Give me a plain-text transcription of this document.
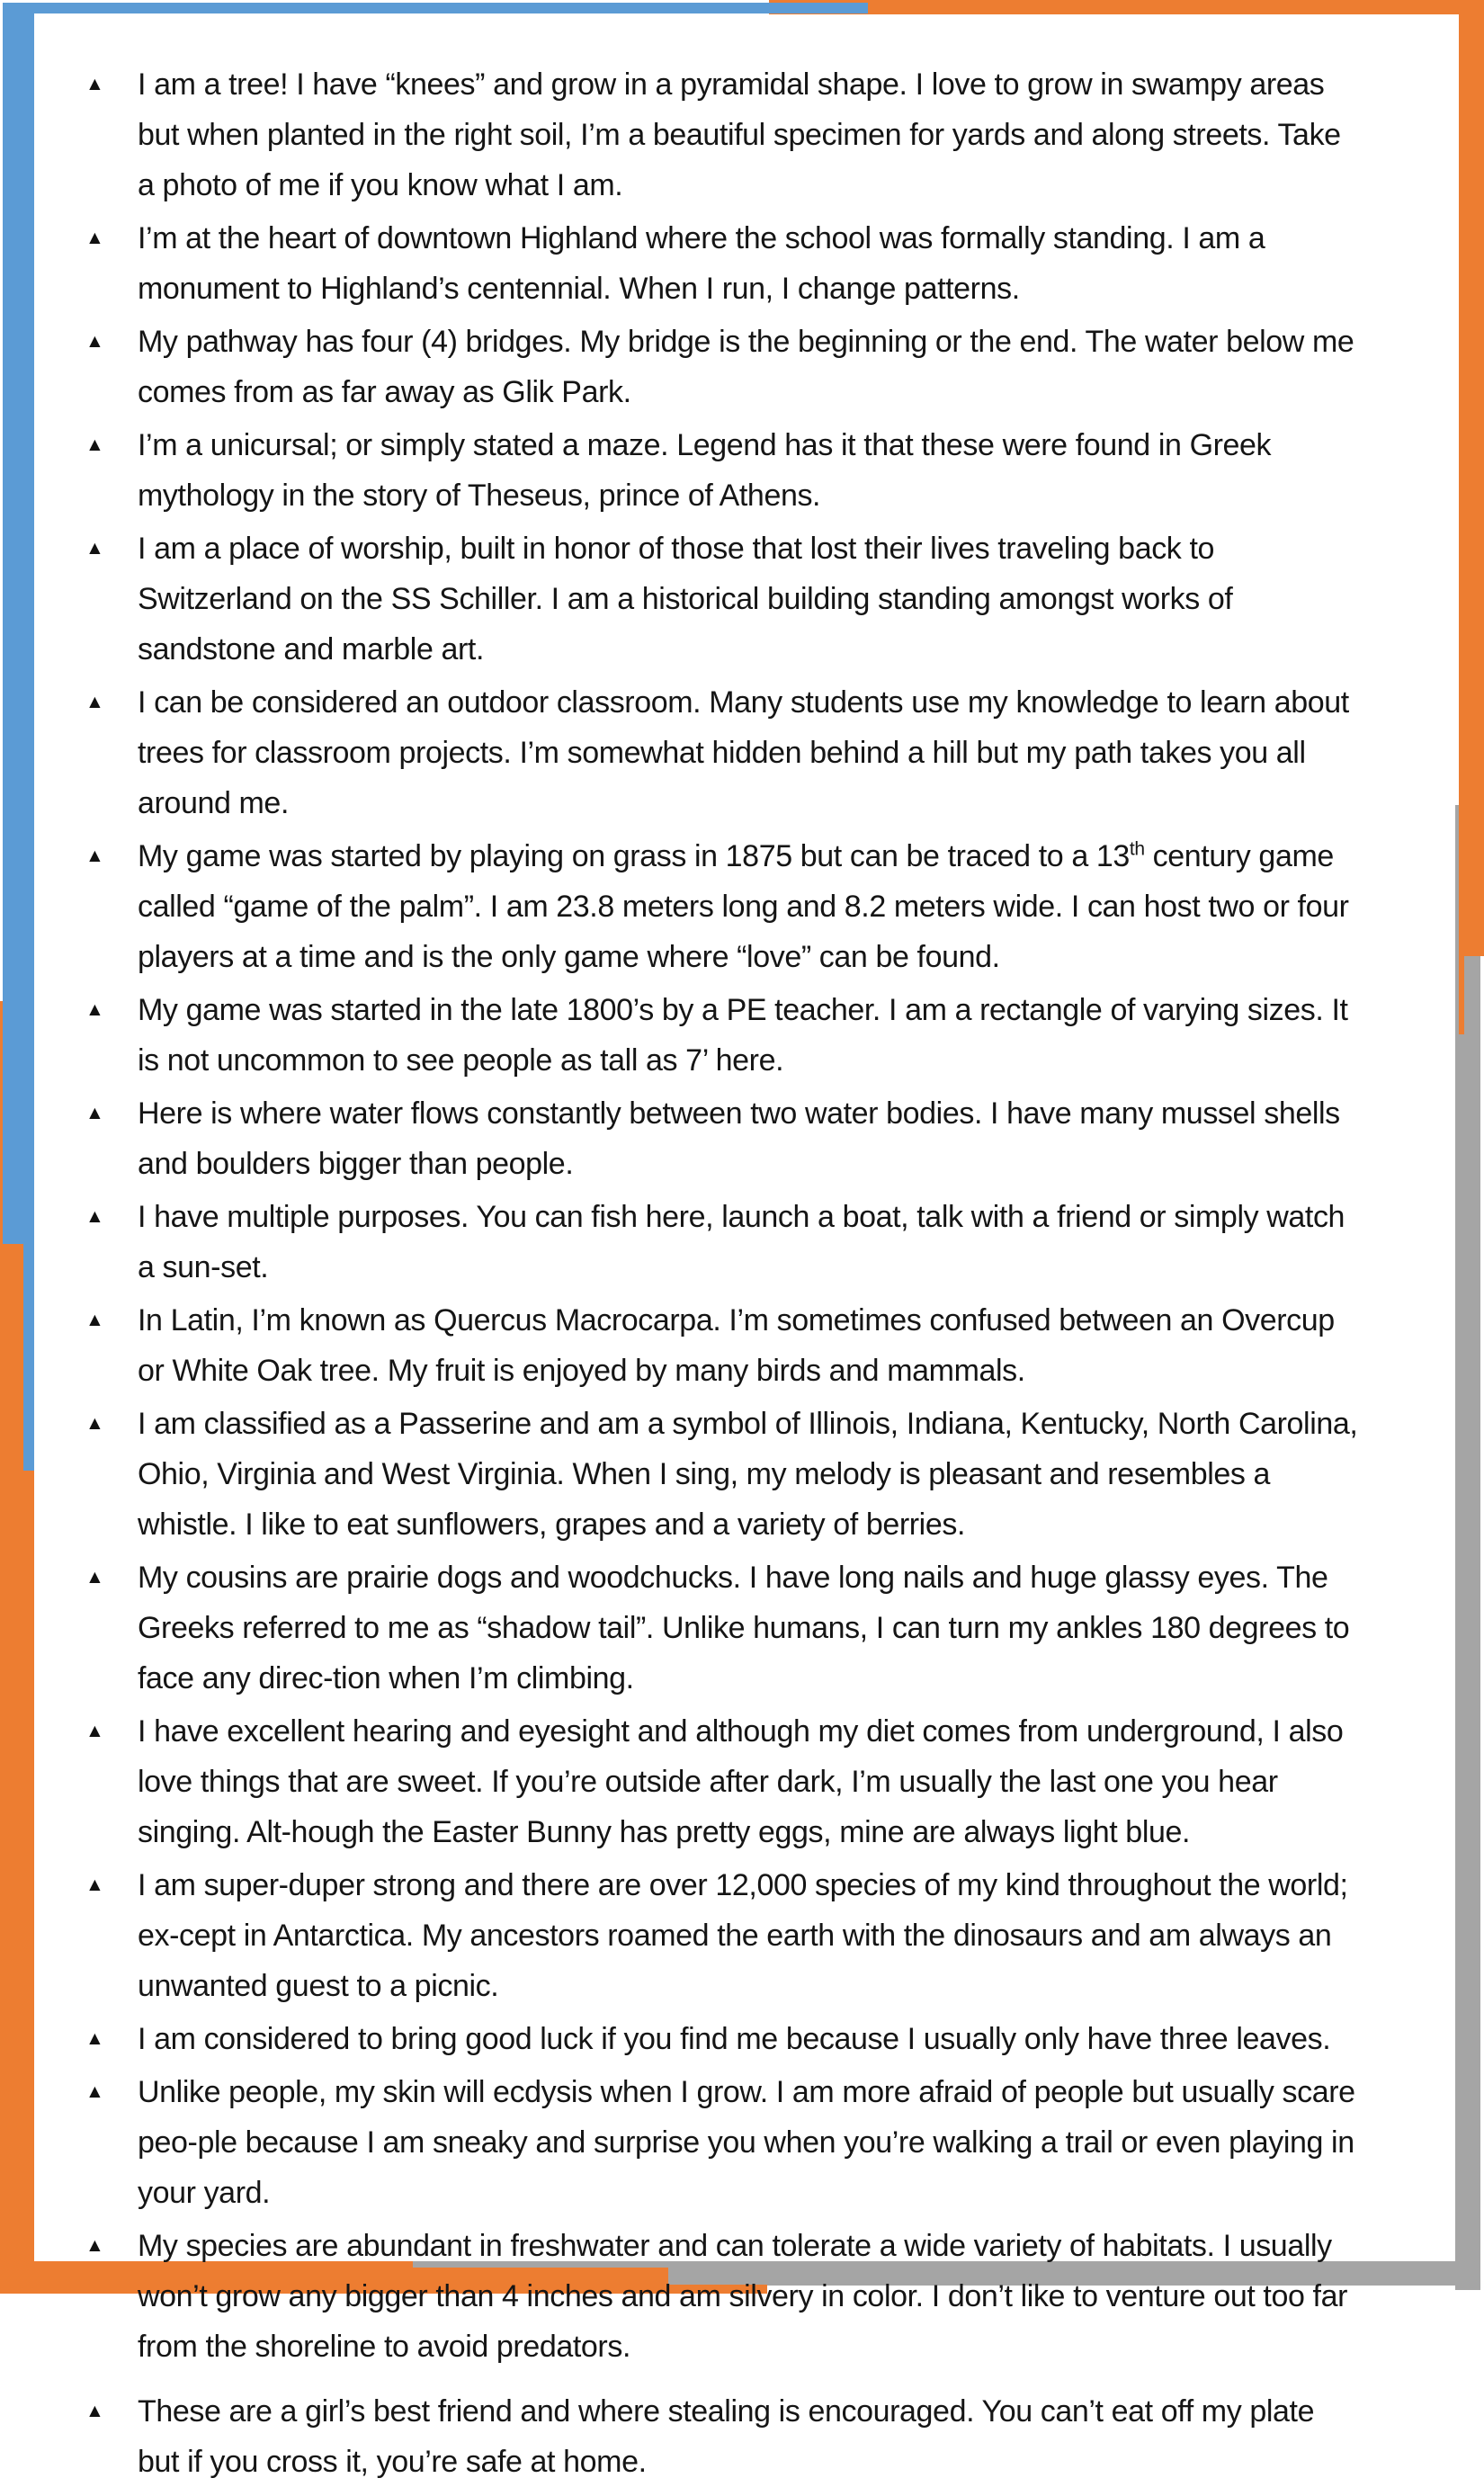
▲ I am a tree! I have “knees” and grow in a pyramidal shape. I love to grow in swampy areas but when planted in the right soil, I’m a beautiful specimen for yards and along streets. Take a photo of me if you know what I am.
▲ I’m at the heart of downtown Highland where the school was formally standing. I am a monument to Highland’s centennial. When I run, I change patterns.
▲ My pathway has four (4) bridges. My bridge is the beginning or the end. The water below me comes from as far away as Glik Park.
▲ I’m a unicursal; or simply stated a maze. Legend has it that these were found in Greek mythology in the story of Theseus, prince of Athens.
▲ I am a place of worship, built in honor of those that lost their lives traveling back to Switzerland on the SS Schiller. I am a historical building standing amongst works of sandstone and marble art.
▲ I can be considered an outdoor classroom. Many students use my knowledge to learn about trees for classroom projects. I’m somewhat hidden behind a hill but my path takes you all around me.
▲ My game was started by playing on grass in 1875 but can be traced to a 13th century game called “game of the palm”. I am 23.8 meters long and 8.2 meters wide. I can host two or four players at a time and is the only game where “love” can be found.
▲ My game was started in the late 1800’s by a PE teacher. I am a rectangle of varying sizes. It is not uncommon to see people as tall as 7’ here.
▲ Here is where water flows constantly between two water bodies. I have many mussel shells and boulders bigger than people.
▲ I have multiple purposes. You can fish here, launch a boat, talk with a friend or simply watch a sun-set.
▲ In Latin, I’m known as Quercus Macrocarpa. I’m sometimes confused between an Overcup or White Oak tree. My fruit is enjoyed by many birds and mammals.
▲ I am classified as a Passerine and am a symbol of Illinois, Indiana, Kentucky, North Carolina, Ohio, Virginia and West Virginia. When I sing, my melody is pleasant and resembles a whistle. I like to eat sunflowers, grapes and a variety of berries.
▲ My cousins are prairie dogs and woodchucks. I have long nails and huge glassy eyes. The Greeks referred to me as “shadow tail”. Unlike humans, I can turn my ankles 180 degrees to face any direc-tion when I’m climbing.
▲ I have excellent hearing and eyesight and although my diet comes from underground, I also love things that are sweet. If you’re outside after dark, I’m usually the last one you hear singing. Alt-hough the Easter Bunny has pretty eggs, mine are always light blue.
▲ I am super-duper strong and there are over 12,000 species of my kind throughout the world; ex-cept in Antarctica. My ancestors roamed the earth with the dinosaurs and am always an unwanted guest to a picnic.
▲ I am considered to bring good luck if you find me because I usually only have three leaves.
▲ Unlike people, my skin will ecdysis when I grow. I am more afraid of people but usually scare peo-ple because I am sneaky and surprise you when you’re walking a trail or even playing in your yard.
▲ My species are abundant in freshwater and can tolerate a wide variety of habitats. I usually won’t grow any bigger than 4 inches and am silvery in color. I don’t like to venture out too far from the shoreline to avoid predators.
▲ These are a girl’s best friend and where stealing is encouraged. You can’t eat off my plate but if you cross it, you’re safe at home.
